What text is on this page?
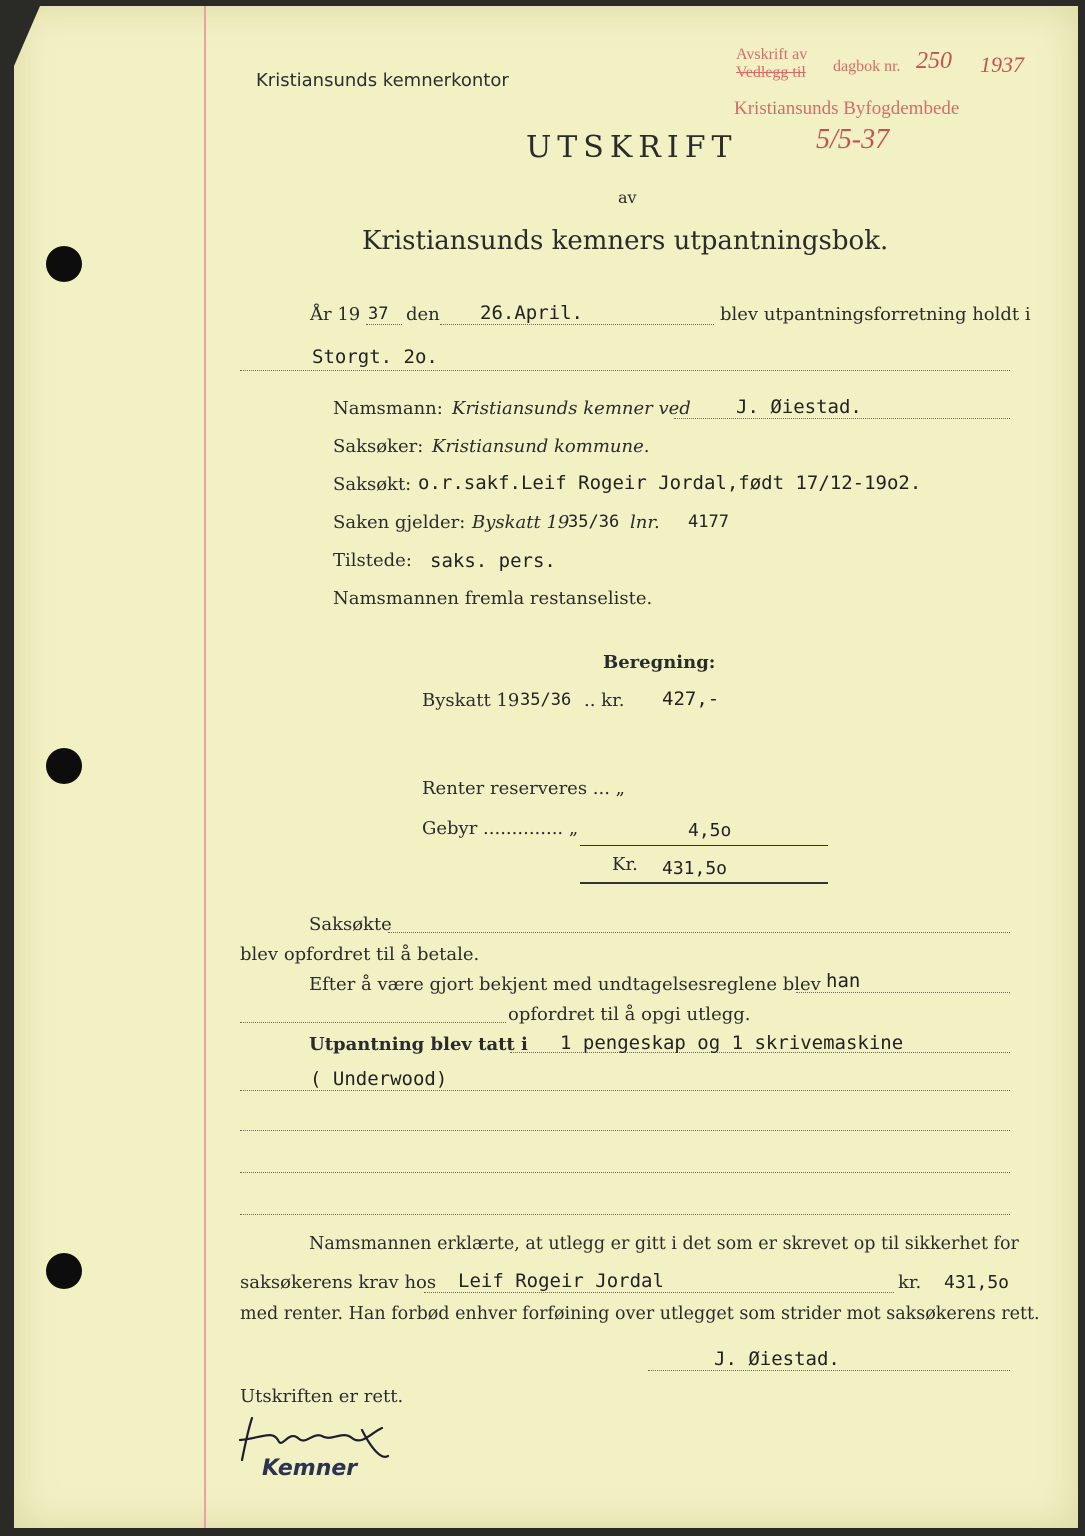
Kristiansunds kemnerkontor
Avskrift av
Vedlegg til dagbok nr. 250 1937
Kristiansunds Byfogdembede
5/5-37
UTSKRIFT
av
Kristiansunds kemners utpantningsbok.
År 19 37 den 26.April.	blev utpantningsforretning holdt i
Storgt. 2o.
Namsmann: Kristiansunds kemner ved J. Øiestad.
Saksøker: Kristiansund kommune.
Saksøkt: o.r.sakf.Leif Rogeir Jordal,født 17/12-19o2.
Saken gjelder: Byskatt 19
35/36 lnr. 4177
Tilstede: saks. pers.
Namsmannen fremla restanseliste.
Beregning:
Byskatt 19 35/36 .. kr. 427,-
Renter reserveres ... „
Gebyr .............. „	4,5o
Kr. 431,5o
Saksøkte
blev opfordret til å betale.
Efter å være gjort bekjent med undtagelsesreglene blev han
opfordret til å opgi utlegg.
Utpantning blev tatt i 1 pengeskap og 1 skrivemaskine
( Underwood)
Namsmannen erklærte, at utlegg er gitt i det som er skrevet op til sikkerhet for
saksøkerens krav hos Leif Rogeir Jordal	kr. 431,5o
med renter. Han forbød enhver forføining over utlegget som strider mot saksøkerens rett.
J. Øiestad.
Utskriften er rett.
Kemner
